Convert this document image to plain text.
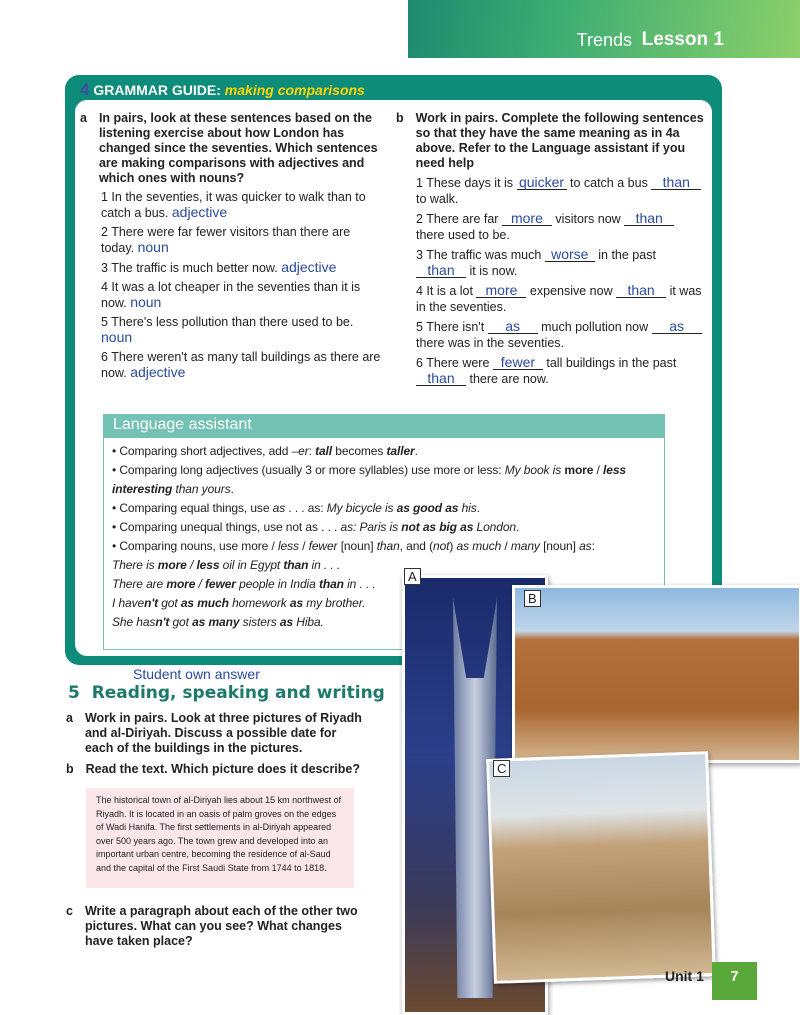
Trends Lesson 1
4 GRAMMAR GUIDE: making comparisons
a In pairs, look at these sentences based on the listening exercise about how London has changed since the seventies. Which sentences are making comparisons with adjectives and which ones with nouns?
1 In the seventies, it was quicker to walk than to catch a bus. adjective
2 There were far fewer visitors than there are today. noun
3 The traffic is much better now. adjective
4 It was a lot cheaper in the seventies than it is now. noun
5 There's less pollution than there used to be. noun
6 There weren't as many tall buildings as there are now. adjective
b Work in pairs. Complete the following sentences so that they have the same meaning as in 4a above. Refer to the Language assistant if you need help
1 These days it is quicker to catch a bus than to walk.
2 There are far more visitors now than there used to be.
3 The traffic was much worse in the past than it is now.
4 It is a lot more expensive now than it was in the seventies.
5 There isn't as much pollution now as there was in the seventies.
6 There were fewer tall buildings in the past than there are now.
Language assistant
• Comparing short adjectives, add –er: tall becomes taller.
• Comparing long adjectives (usually 3 or more syllables) use more or less: My book is more / less interesting than yours.
• Comparing equal things, use as . . . as: My bicycle is as good as his.
• Comparing unequal things, use not as . . . as: Paris is not as big as London.
• Comparing nouns, use more / less / fewer [noun] than, and (not) as much / many [noun] as:
There is more / less oil in Egypt than in . . .
There are more / fewer people in India than in . . .
I haven't got as much homework as my brother.
She hasn't got as many sisters as Hiba.
A
B
C
Student own answer
5 Reading, speaking and writing
a Work in pairs. Look at three pictures of Riyadh and al-Diriyah. Discuss a possible date for each of the buildings in the pictures.
b Read the text. Which picture does it describe?
The historical town of al-Diriyah lies about 15 km northwest of Riyadh. It is located in an oasis of palm groves on the edges of Wadi Hanifa. The first settlements in al-Diriyah appeared over 500 years ago. The town grew and developed into an important urban centre, becoming the residence of al-Saud and the capital of the First Saudi State from 1744 to 1818.
c Write a paragraph about each of the other two pictures. What can you see? What changes have taken place?
Unit 1	7
